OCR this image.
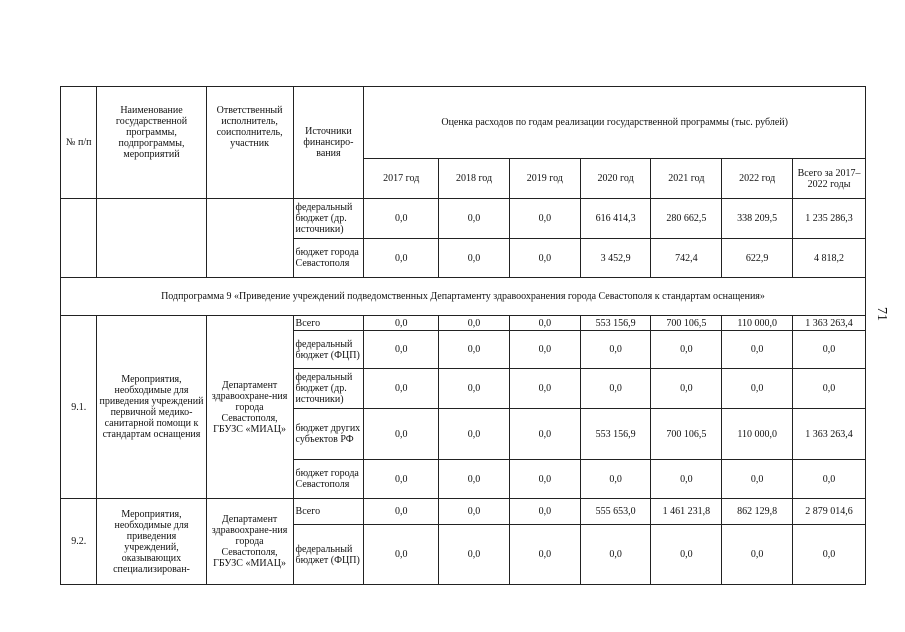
71
№ п/п	Наименование государственной программы, подпрограммы, мероприятий	Ответственный исполнитель, соисполнитель, участник	Источники финансиро-вания	Оценка расходов по годам реализации государственной программы (тыс. рублей)						
				2017 год	2018 год	2019 год	2020 год	2021 год	2022 год	Всего за 2017–2022 годы
			федеральный бюджет (др. источники)	0,0	0,0	0,0	616 414,3	280 662,5	338 209,5	1 235 286,3
			бюджет города Севастополя	0,0	0,0	0,0	3 452,9	742,4	622,9	4 818,2
Подпрограмма 9 «Приведение учреждений подведомственных Департаменту здравоохранения города Севастополя к стандартам оснащения»										
9.1.	Мероприятия, необходимые для приведения учреждений первичной медико-санитарной помощи к стандартам оснащения	Департамент здравоохране-ния города Севастополя, ГБУЗС «МИАЦ»	Всего	0,0	0,0	0,0	553 156,9	700 106,5	110 000,0	1 363 263,4
			федеральный бюджет (ФЦП)	0,0	0,0	0,0	0,0	0,0	0,0	0,0
			федеральный бюджет (др. источники)	0,0	0,0	0,0	0,0	0,0	0,0	0,0
			бюджет других субъектов РФ	0,0	0,0	0,0	553 156,9	700 106,5	110 000,0	1 363 263,4
			бюджет города Севастополя	0,0	0,0	0,0	0,0	0,0	0,0	0,0
9.2.	Мероприятия, необходимые для приведения учреждений, оказывающих специализирован-	Департамент здравоохране-ния города Севастополя, ГБУЗС «МИАЦ»	Всего	0,0	0,0	0,0	555 653,0	1 461 231,8	862 129,8	2 879 014,6
			федеральный бюджет (ФЦП)	0,0	0,0	0,0	0,0	0,0	0,0	0,0
